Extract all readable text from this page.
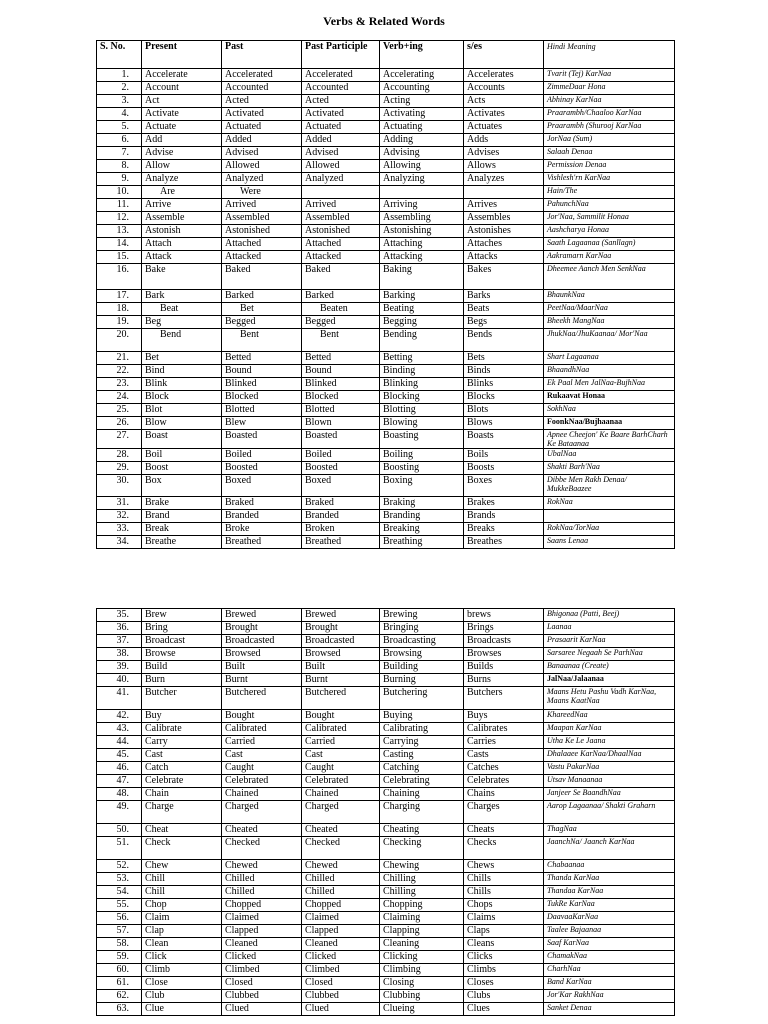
Verbs & Related Words
S. No.	Present	Past	Past Participle	Verb+ing	s/es	Hindi Meaning
1.	Accelerate	Accelerated	Accelerated	Accelerating	Accelerates	Tvarit (Tej) KarNaa
2.	Account	Accounted	Accounted	Accounting	Accounts	ZimmeDaar Hona
3.	Act	Acted	Acted	Acting	Acts	Abhinay KarNaa
4.	Activate	Activated	Activated	Activating	Activates	Praarambh/Chaaloo KarNaa
5.	Actuate	Actuated	Actuated	Actuating	Actuates	Praarambh (Shurooj KarNaa
6.	Add	Added	Added	Adding	Adds	JorNaa (Sum)
7.	Advise	Advised	Advised	Advising	Advises	Salaah Denaa
8.	Allow	Allowed	Allowed	Allowing	Allows	Permission Denaa
9.	Analyze	Analyzed	Analyzed	Analyzing	Analyzes	Vishlesh'rn KarNaa
10.	Are	Were				Hain/The
11.	Arrive	Arrived	Arrived	Arriving	Arrives	PahunchNaa
12.	Assemble	Assembled	Assembled	Assembling	Assembles	Jor'Naa, Sammilit Honaa
13.	Astonish	Astonished	Astonished	Astonishing	Astonishes	Aashcharya Honaa
14.	Attach	Attached	Attached	Attaching	Attaches	Saath Lagaanaa (Sanllagn)
15.	Attack	Attacked	Attacked	Attacking	Attacks	Aakramarn KarNaa
16.	Bake	Baked	Baked	Baking	Bakes	Dheemee Aanch Men SenkNaa
17.	Bark	Barked	Barked	Barking	Barks	BhaunkNaa
18.	Beat	Bet	Beaten	Beating	Beats	PeetNaa/MaarNaa
19.	Beg	Begged	Begged	Begging	Begs	Bheekh MangNaa
20.	Bend	Bent	Bent	Bending	Bends	JhukNaa/JhuKaanaa/ Mor'Naa
21.	Bet	Betted	Betted	Betting	Bets	Shart Lagaanaa
22.	Bind	Bound	Bound	Binding	Binds	BhaandhNaa
23.	Blink	Blinked	Blinked	Blinking	Blinks	Ek Paal Men JalNaa-BujhNaa
24.	Block	Blocked	Blocked	Blocking	Blocks	Rukaavat Honaa
25.	Blot	Blotted	Blotted	Blotting	Blots	SokhNaa
26.	Blow	Blew	Blown	Blowing	Blows	FoonkNaa/Bujhaanaa
27.	Boast	Boasted	Boasted	Boasting	Boasts	Apnee Cheejon' Ke Baare BarhCharh Ke Bataanaa
28.	Boil	Boiled	Boiled	Boiling	Boils	UbalNaa
29.	Boost	Boosted	Boosted	Boosting	Boosts	Shakti Barh'Naa
30.	Box	Boxed	Boxed	Boxing	Boxes	Dibbe Men Rakh Denaa/ MukkeBaazee
31.	Brake	Braked	Braked	Braking	Brakes	RokNaa
32.	Brand	Branded	Branded	Branding	Brands	
33.	Break	Broke	Broken	Breaking	Breaks	RokNaa/TorNaa
34.	Breathe	Breathed	Breathed	Breathing	Breathes	Saans Lenaa
35.	Brew	Brewed	Brewed	Brewing	brews	Bhigonaa (Patti, Beej)
36.	Bring	Brought	Brought	Bringing	Brings	Laanaa
37.	Broadcast	Broadcasted	Broadcasted	Broadcasting	Broadcasts	Prasaarit KarNaa
38.	Browse	Browsed	Browsed	Browsing	Browses	Sarsaree Negaah Se ParhNaa
39.	Build	Built	Built	Building	Builds	Banaanaa (Create)
40.	Burn	Burnt	Burnt	Burning	Burns	JalNaa/Jalaanaa
41.	Butcher	Butchered	Butchered	Butchering	Butchers	Maans Hetu Pashu Vadh KarNaa, Maans KaatNaa
42.	Buy	Bought	Bought	Buying	Buys	KhareedNaa
43.	Calibrate	Calibrated	Calibrated	Calibrating	Calibrates	Maapan KarNaa
44.	Carry	Carried	Carried	Carrying	Carries	Utha Ke Le Jaana
45.	Cast	Cast	Cast	Casting	Casts	Dhalaaee KarNaa/DhaalNaa
46.	Catch	Caught	Caught	Catching	Catches	Vastu PakarNaa
47.	Celebrate	Celebrated	Celebrated	Celebrating	Celebrates	Utsav Manaanaa
48.	Chain	Chained	Chained	Chaining	Chains	Janjeer Se BaandhNaa
49.	Charge	Charged	Charged	Charging	Charges	Aarop Lagaanaa/ Shakti Graharn
50.	Cheat	Cheated	Cheated	Cheating	Cheats	ThagNaa
51.	Check	Checked	Checked	Checking	Checks	JaanchNa/ Jaanch KarNaa
52.	Chew	Chewed	Chewed	Chewing	Chews	Chabaanaa
53.	Chill	Chilled	Chilled	Chilling	Chills	Thanda KarNaa
54.	Chill	Chilled	Chilled	Chilling	Chills	Thandaa KarNaa
55.	Chop	Chopped	Chopped	Chopping	Chops	TukRe KarNaa
56.	Claim	Claimed	Claimed	Claiming	Claims	DaavaaKarNaa
57.	Clap	Clapped	Clapped	Clapping	Claps	Taalee Bajaanaa
58.	Clean	Cleaned	Cleaned	Cleaning	Cleans	Saaf KarNaa
59.	Click	Clicked	Clicked	Clicking	Clicks	ChamakNaa
60.	Climb	Climbed	Climbed	Climbing	Climbs	CharhNaa
61.	Close	Closed	Closed	Closing	Closes	Band KarNaa
62.	Club	Clubbed	Clubbed	Clubbing	Clubs	Jor'Kar RakhNaa
63.	Clue	Clued	Clued	Clueing	Clues	Sanket Denaa
